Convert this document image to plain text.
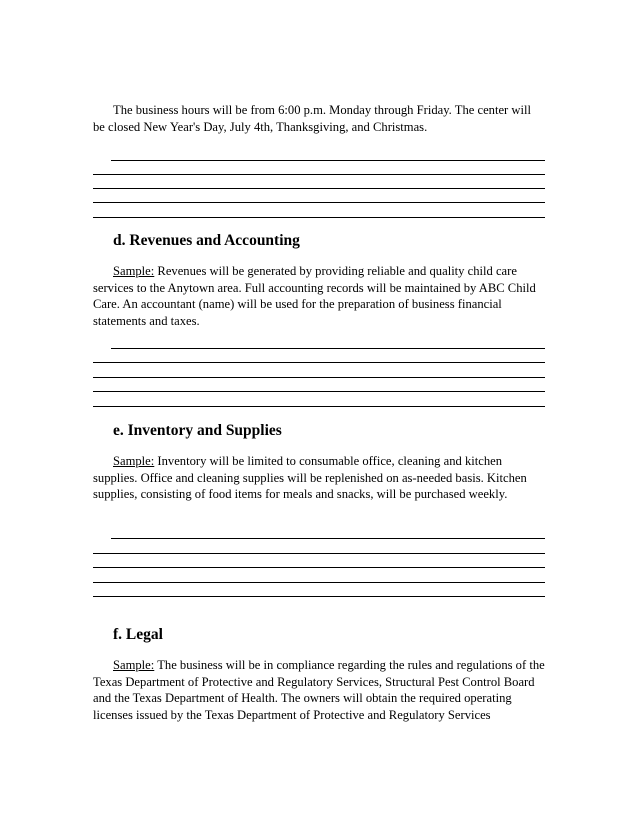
The business hours will be from 6:00 p.m. Monday through Friday. The center will be closed New Year's Day, July 4th, Thanksgiving, and Christmas.

d. Revenues and Accounting

Sample: Revenues will be generated by providing reliable and quality child care services to the Anytown area. Full accounting records will be maintained by ABC Child Care. An accountant (name) will be used for the preparation of business financial statements and taxes.

e. Inventory and Supplies

Sample: Inventory will be limited to consumable office, cleaning and kitchen supplies. Office and cleaning supplies will be replenished on as-needed basis. Kitchen supplies, consisting of food items for meals and snacks, will be purchased weekly.

f. Legal

Sample: The business will be in compliance regarding the rules and regulations of the Texas Department of Protective and Regulatory Services, Structural Pest Control Board and the Texas Department of Health. The owners will obtain the required operating licenses issued by the Texas Department of Protective and Regulatory Services
